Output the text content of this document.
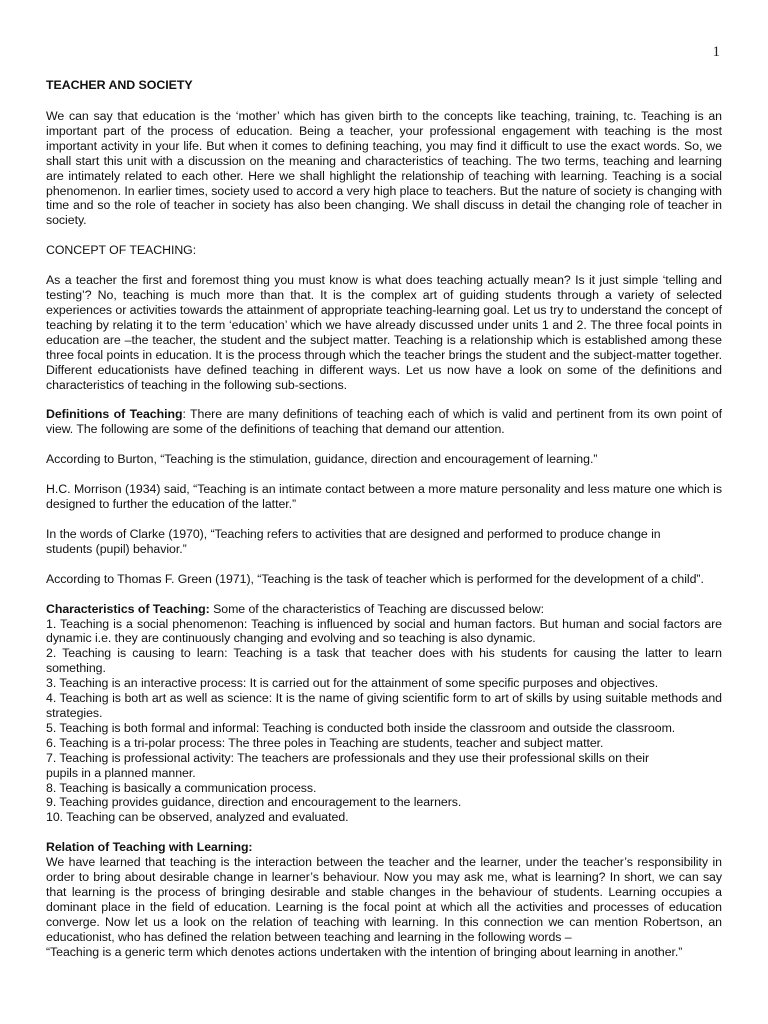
1

TEACHER AND SOCIETY

We can say that education is the ‘mother’ which has given birth to the concepts like teaching, training, tc. Teaching is an important part of the process of education. Being a teacher, your professional engagement with teaching is the most important activity in your life. But when it comes to defining teaching, you may find it difficult to use the exact words. So, we shall start this unit with a discussion on the meaning and characteristics of teaching. The two terms, teaching and learning are intimately related to each other. Here we shall highlight the relationship of teaching with learning. Teaching is a social phenomenon. In earlier times, society used to accord a very high place to teachers. But the nature of society is changing with time and so the role of teacher in society has also been changing. We shall discuss in detail the changing role of teacher in society.

CONCEPT OF TEACHING:

As a teacher the first and foremost thing you must know is what does teaching actually mean? Is it just simple ‘telling and testing’? No, teaching is much more than that. It is the complex art of guiding students through a variety of selected experiences or activities towards the attainment of appropriate teaching-learning goal. Let us try to understand the concept of teaching by relating it to the term ‘education’ which we have already discussed under units 1 and 2. The three focal points in education are –the teacher, the student and the subject matter. Teaching is a relationship which is established among these three focal points in education. It is the process through which the teacher brings the student and the subject-matter together. Different educationists have defined teaching in different ways. Let us now have a look on some of the definitions and characteristics of teaching in the following sub-sections.

Definitions of Teaching: There are many definitions of teaching each of which is valid and pertinent from its own point of view. The following are some of the definitions of teaching that demand our attention.

According to Burton, “Teaching is the stimulation, guidance, direction and encouragement of learning.”

H.C. Morrison (1934) said, “Teaching is an intimate contact between a more mature personality and less mature one which is designed to further the education of the latter.”

In the words of Clarke (1970), “Teaching refers to activities that are designed and performed to produce change in

students (pupil) behavior.”

According to Thomas F. Green (1971), “Teaching is the task of teacher which is performed for the development of a child”.

Characteristics of Teaching: Some of the characteristics of Teaching are discussed below:

1. Teaching is a social phenomenon: Teaching is influenced by social and human factors. But human and social factors are dynamic i.e. they are continuously changing and evolving and so teaching is also dynamic.
2. Teaching is causing to learn: Teaching is a task that teacher does with his students for causing the latter to learn something.
3. Teaching is an interactive process: It is carried out for the attainment of some specific purposes and objectives.
4. Teaching is both art as well as science: It is the name of giving scientific form to art of skills by using suitable methods and strategies.
5. Teaching is both formal and informal: Teaching is conducted both inside the classroom and outside the classroom.
6. Teaching is a tri-polar process: The three poles in Teaching are students, teacher and subject matter.
7. Teaching is professional activity: The teachers are professionals and they use their professional skills on their
pupils in a planned manner.
8. Teaching is basically a communication process.
9. Teaching provides guidance, direction and encouragement to the learners.
10. Teaching can be observed, analyzed and evaluated.

Relation of Teaching with Learning:

We have learned that teaching is the interaction between the teacher and the learner, under the teacher’s responsibility in order to bring about desirable change in learner’s behaviour. Now you may ask me, what is learning? In short, we can say that learning is the process of bringing desirable and stable changes in the behaviour of students. Learning occupies a dominant place in the field of education. Learning is the focal point at which all the activities and processes of education converge. Now let us a look on the relation of teaching with learning. In this connection we can mention Robertson, an educationist, who has defined the relation between teaching and learning in the following words –

“Teaching is a generic term which denotes actions undertaken with the intention of bringing about learning in another.”
